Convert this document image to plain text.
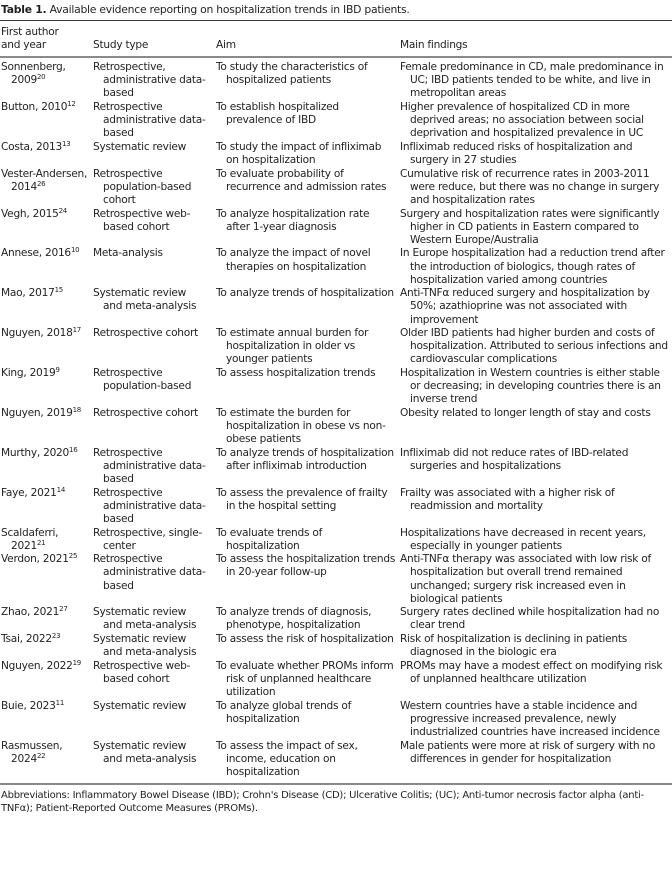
Table 1. Available evidence reporting on hospitalization trends in IBD patients.
First author and year	Study type	Aim	Main findings

Sonnenberg, 2009$^{20}$	Retrospective, administrative data-based	To study the characteristics of hospitalized patients	Female predominance in CD, male predominance in UC; IBD patients tended to be white, and live in metropolitan areas

Button, 2010$^{12}$	Retrospective administrative data-based	To establish hospitalized prevalence of IBD	Higher prevalence of hospitalized CD in more deprived areas; no association between social deprivation and hospitalized prevalence in UC

Costa, 2013$^{13}$	Systematic review	To study the impact of infliximab on hospitalization	Infliximab reduced risks of hospitalization and surgery in 27 studies

Vester-Andersen, 2014$^{26}$	Retrospective population-based cohort	To evaluate probability of recurrence and admission rates	Cumulative risk of recurrence rates in 2003-2011 were reduce, but there was no change in surgery and hospitalization rates

Vegh, 2015$^{24}$	Retrospective web-based cohort	To analyze hospitalization rate after 1-year diagnosis	Surgery and hospitalization rates were significantly higher in CD patients in Eastern compared to Western Europe/Australia

Annese, 2016$^{10}$	Meta-analysis	To analyze the impact of novel therapies on hospitalization	In Europe hospitalization had a reduction trend after the introduction of biologics, though rates of hospitalization varied among countries

Mao, 2017$^{15}$	Systematic review and meta-analysis	To analyze trends of hospitalization	Anti-TNFα reduced surgery and hospitalization by 50%; azathioprine was not associated with improvement

Nguyen, 2018$^{17}$	Retrospective cohort	To estimate annual burden for hospitalization in older vs younger patients	Older IBD patients had higher burden and costs of hospitalization. Attributed to serious infections and cardiovascular complications

King, 2019$^9$	Retrospective population-based	To assess hospitalization trends	Hospitalization in Western countries is either stable or decreasing; in developing countries there is an inverse trend

Nguyen, 2019$^{18}$	Retrospective cohort	To estimate the burden for hospitalization in obese vs non-obese patients	Obesity related to longer length of stay and costs

Murthy, 2020$^{16}$	Retrospective administrative data-based	To analyze trends of hospitalization after infliximab introduction	Infliximab did not reduce rates of IBD-related surgeries and hospitalizations

Faye, 2021$^{14}$	Retrospective administrative data-based	To assess the prevalence of frailty in the hospital setting	Frailty was associated with a higher risk of readmission and mortality

Scaldaferri, 2021$^{21}$	Retrospective, single-center	To evaluate trends of hospitalization	Hospitalizations have decreased in recent years, especially in younger patients

Verdon, 2021$^{25}$	Retrospective administrative data-based	To assess the hospitalization trends in 20-year follow-up	Anti-TNFα therapy was associated with low risk of hospitalization but overall trend remained unchanged; surgery risk increased even in biological patients

Zhao, 2021$^{27}$	Systematic review and meta-analysis	To analyze trends of diagnosis, phenotype, hospitalization	Surgery rates declined while hospitalization had no clear trend

Tsai, 2022$^{23}$	Systematic review and meta-analysis	To assess the risk of hospitalization	Risk of hospitalization is declining in patients diagnosed in the biologic era

Nguyen, 2022$^{19}$	Retrospective web-based cohort	To evaluate whether PROMs inform risk of unplanned healthcare utilization	PROMs may have a modest effect on modifying risk of unplanned healthcare utilization

Buie, 2023$^{11}$	Systematic review	To analyze global trends of hospitalization	Western countries have a stable incidence and progressive increased prevalence, newly industrialized countries have increased incidence

Rasmussen, 2024$^{22}$	Systematic review and meta-analysis	To assess the impact of sex, income, education on hospitalization	Male patients were more at risk of surgery with no differences in gender for hospitalization
Abbreviations: Inflammatory Bowel Disease (IBD); Crohn's Disease (CD); Ulcerative Colitis; (UC); Anti-tumor necrosis factor alpha (anti-TNFα); Patient-Reported Outcome Measures (PROMs).
